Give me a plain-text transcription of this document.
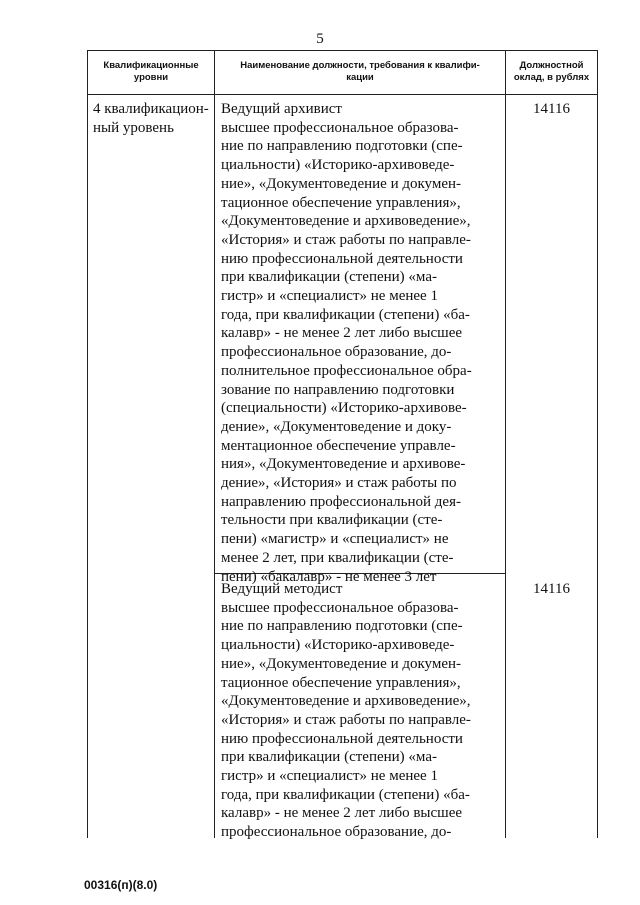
5
Квалификационные
уровни
Наименование должности, требования к квалифи-
кации
Должностной
оклад, в рублях
4 квалификацион-
ный уровень
Ведущий архивист
высшее профессиональное образова-
ние по направлению подготовки (спе-
циальности) «Историко-архивоведе-
ние», «Документоведение и докумен-
тационное обеспечение управления»,
«Документоведение и архивоведение»,
«История» и стаж работы по направле-
нию профессиональной деятельности
при квалификации (степени) «ма-
гистр» и «специалист» не менее 1
года, при квалификации (степени) «ба-
калавр» - не менее 2 лет либо высшее
профессиональное образование, до-
полнительное профессиональное обра-
зование по направлению подготовки
(специальности) «Историко-архивове-
дение», «Документоведение и доку-
ментационное обеспечение управле-
ния», «Документоведение и архивове-
дение», «История» и стаж работы по
направлению профессиональной дея-
тельности при квалификации (сте-
пени) «магистр» и «специалист» не
менее 2 лет, при квалификации (сте-
пени) «бакалавр» - не менее 3 лет
14116
Ведущий методист
высшее профессиональное образова-
ние по направлению подготовки (спе-
циальности) «Историко-архивоведе-
ние», «Документоведение и докумен-
тационное обеспечение управления»,
«Документоведение и архивоведение»,
«История» и стаж работы по направле-
нию профессиональной деятельности
при квалификации (степени) «ма-
гистр» и «специалист» не менее 1
года, при квалификации (степени) «ба-
калавр» - не менее 2 лет либо высшее
профессиональное образование, до-
14116
00316(п)(8.0)
